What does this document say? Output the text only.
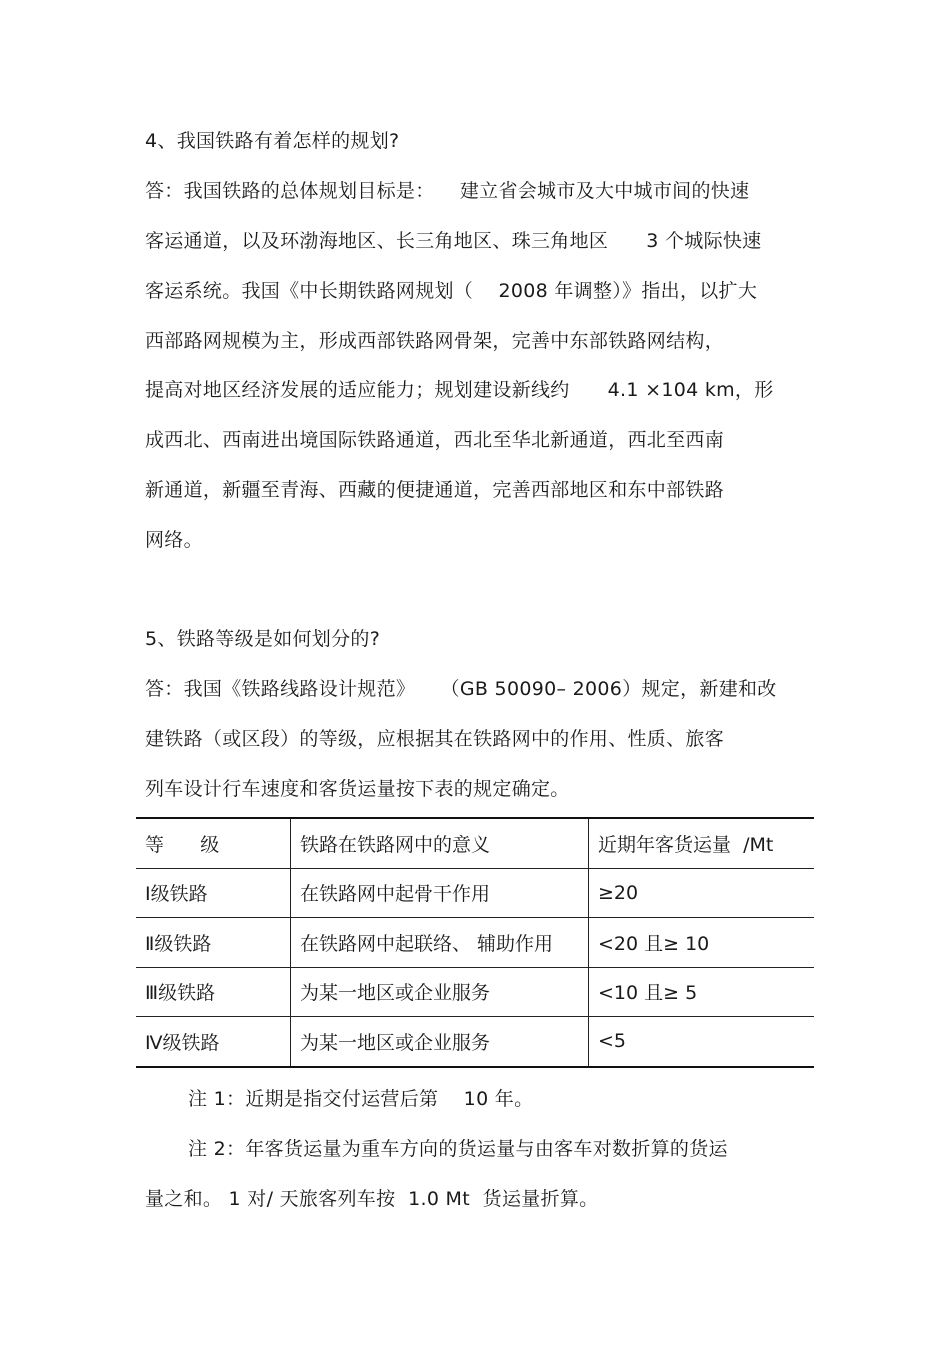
4、我国铁路有着怎样的规划?
答：我国铁路的总体规划目标是：    建立省会城市及大中城市间的快速
客运通道，以及环渤海地区、长三角地区、珠三角地区      3 个城际快速
客运系统。我国《中长期铁路网规划（    2008 年调整）》指出，以扩大
西部路网规模为主，形成西部铁路网骨架，完善中东部铁路网结构，
提高对地区经济发展的适应能力；规划建设新线约      4.1 ×104 km，形
成西北、西南进出境国际铁路通道，西北至华北新通道，西北至西南
新通道，新疆至青海、西藏的便捷通道，完善西部地区和东中部铁路
网络。
5、铁路等级是如何划分的?
答：我国《铁路线路设计规范》    （GB 50090– 2006）规定，新建和改
建铁路（或区段）的等级，应根据其在铁路网中的作用、性质、旅客
列车设计行车速度和客货运量按下表的规定确定。
等      级	铁路在铁路网中的意义	近期年客货运量  /Mt
Ⅰ级铁路	在铁路网中起骨干作用	≥20
Ⅱ级铁路	在铁路网中起联络、 辅助作用	<20 且≥ 10
Ⅲ级铁路	为某一地区或企业服务	<10 且≥ 5
Ⅳ级铁路	为某一地区或企业服务	<5
注 1：近期是指交付运营后第    10 年。
注 2：年客货运量为重车方向的货运量与由客车对数折算的货运
量之和。 1 对/ 天旅客列车按  1.0 Mt  货运量折算。
